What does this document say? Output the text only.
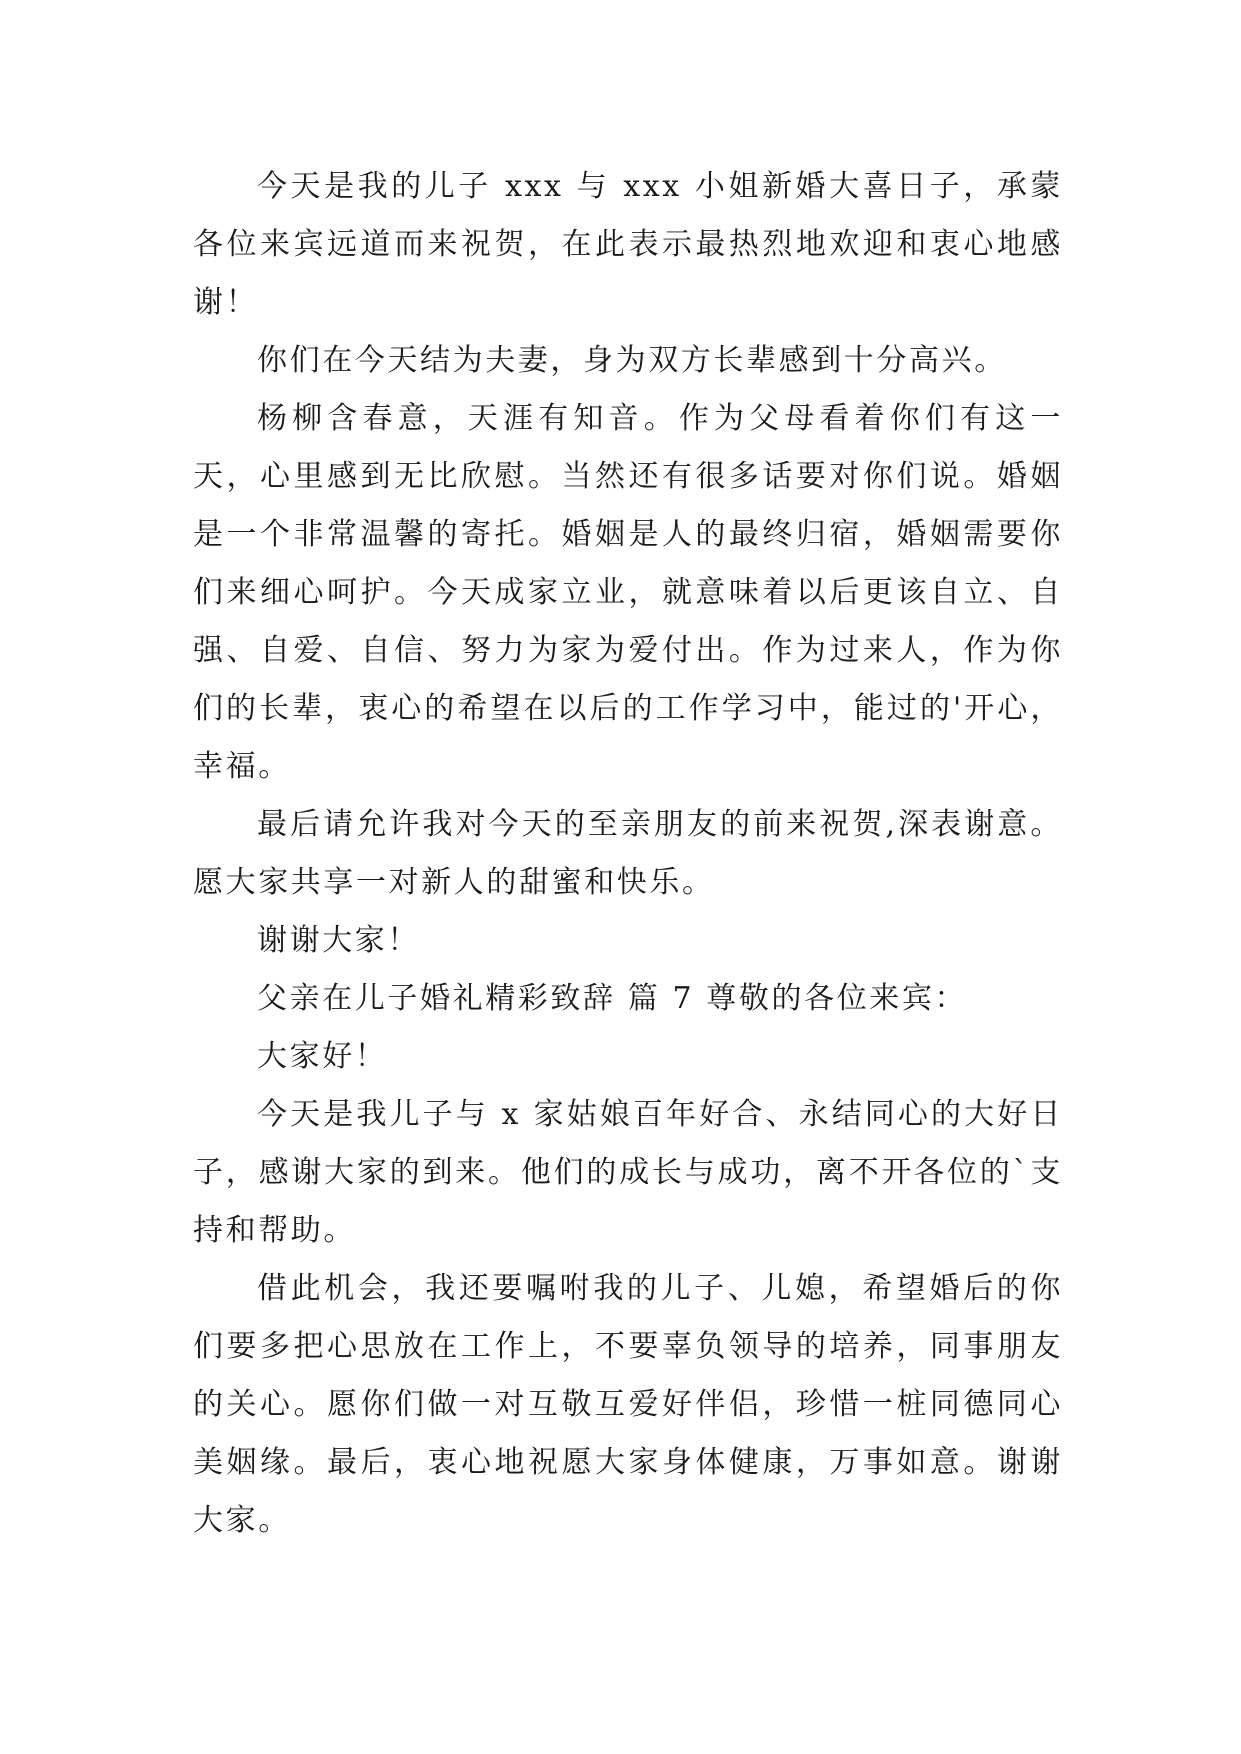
今天是我的儿子 xxx 与 xxx 小姐新婚大喜日子，承蒙各位来宾远道而来祝贺，在此表示最热烈地欢迎和衷心地感谢！

你们在今天结为夫妻，身为双方长辈感到十分高兴。

杨柳含春意，天涯有知音。作为父母看着你们有这一天，心里感到无比欣慰。当然还有很多话要对你们说。婚姻是一个非常温馨的寄托。婚姻是人的最终归宿，婚姻需要你们来细心呵护。今天成家立业，就意味着以后更该自立、自强、自爱、自信、努力为家为爱付出。作为过来人，作为你们的长辈，衷心的希望在以后的工作学习中，能过的'开心，幸福。

最后请允许我对今天的至亲朋友的前来祝贺,深表谢意。愿大家共享一对新人的甜蜜和快乐。

谢谢大家！

父亲在儿子婚礼精彩致辞 篇 7 尊敬的各位来宾：

大家好！

今天是我儿子与 x 家姑娘百年好合、永结同心的大好日子，感谢大家的到来。他们的成长与成功，离不开各位的`支持和帮助。

借此机会，我还要嘱咐我的儿子、儿媳，希望婚后的你们要多把心思放在工作上，不要辜负领导的培养，同事朋友的关心。愿你们做一对互敬互爱好伴侣，珍惜一桩同德同心美姻缘。最后，衷心地祝愿大家身体健康，万事如意。谢谢大家。
